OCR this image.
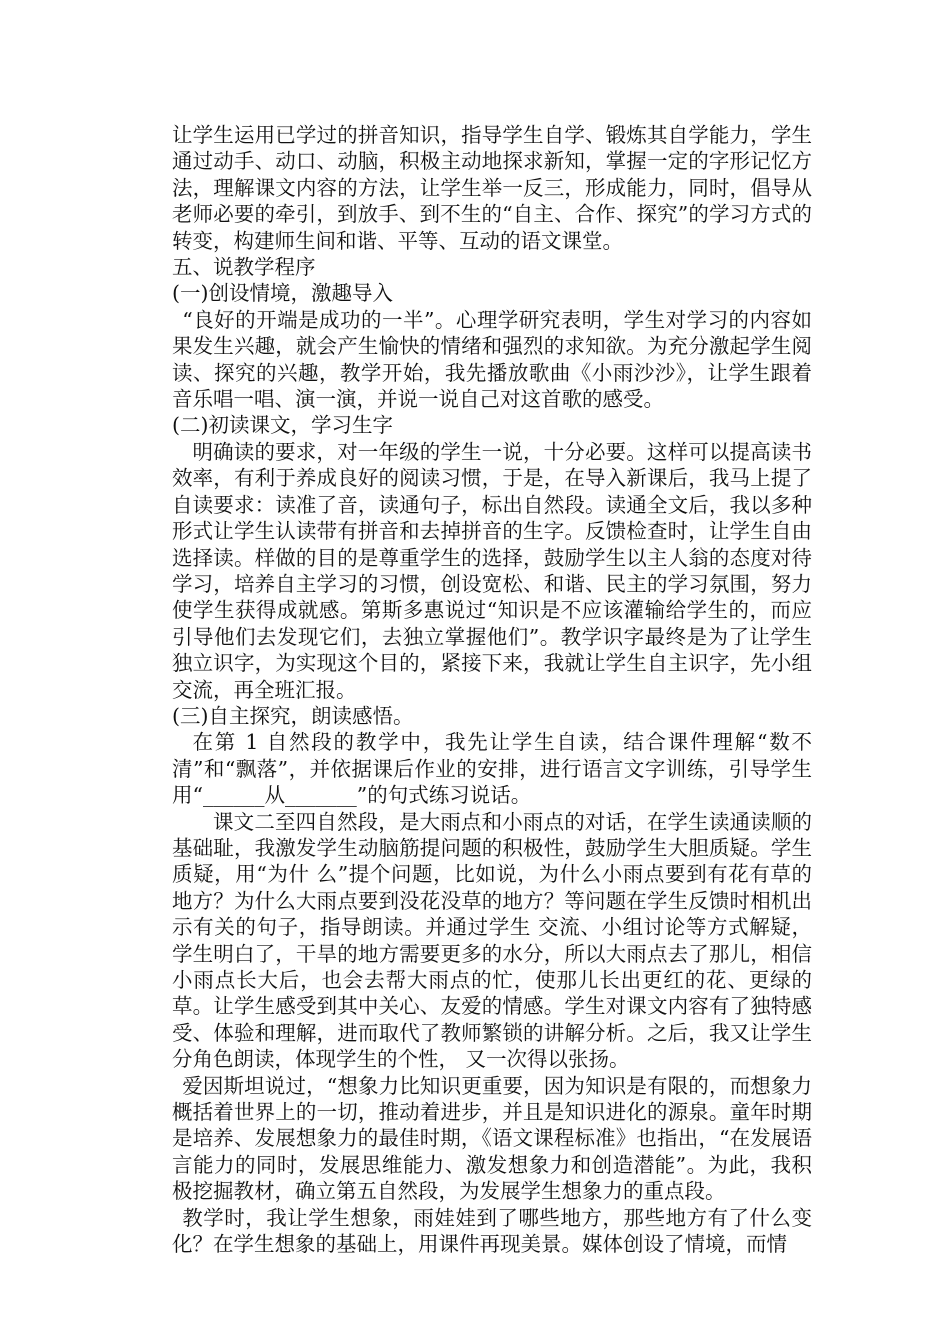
让学生运用已学过的拼音知识，指导学生自学、锻炼其自学能力，学生通过动手、动口、动脑，积极主动地探求新知，掌握一定的字形记忆方 法，理解课文内容的方法，让学生举一反三，形成能力，同时，倡导从老师必要的牵引，到放手、到不生的“自主、合作、探究”的学习方式的转变，构建师生间和谐、平等、互动的语文课堂。

五、说教学程序

(一)创设情境，激趣导入

“良好的开端是成功的一半”。心理学研究表明，学生对学习的内容如果发生兴趣，就会产生愉快的情绪和强烈的求知欲。为充分激起学生阅读、探究的兴趣，教学开始，我先播放歌曲《小雨沙沙》，让学生跟着音乐唱一唱、演一演，并说一说自己对这首歌的感受。

(二)初读课文，学习生字

明确读的要求，对一年级的学生一说，十分必要。这样可以提高读书效率，有利于养成良好的阅读习惯，于是，在导入新课后，我马上提了自读要求：读准了音，读通句子，标出自然段。读通全文后，我以多种形式让学生认读带有拼音和去掉拼音的生字。反馈检查时，让学生自由选择读。样做的目的是尊重学生的选择，鼓励学生以主人翁的态度对待学习，培养自主学习的习惯，创设宽松、和谐、民主的学习氛围，努力使学生获得成就感。第斯多惠说过“知识是不应该灌输给学生的，而应引导他们去发现它们，去独立掌握他们”。教学识字最终是为了让学生独立识字，为实现这个目的，紧接下来，我就让学生自主识字，先小组交流，再全班汇报。

(三)自主探究，朗读感悟。

在第 1 自然段的教学中，我先让学生自读，结合课件理解“数不清”和“飘落”，并依据课后作业的安排，进行语言文字训练，引导学生用“______从_______”的句式练习说话。

课文二至四自然段，是大雨点和小雨点的对话，在学生读通读顺的基础耻，我激发学生动脑筋提问题的积极性，鼓励学生大胆质疑。学生质疑，用“为什 么”提个问题，比如说，为什么小雨点要到有花有草的地方？为什么大雨点要到没花没草的地方？等问题在学生反馈时相机出示有关的句子，指导朗读。并通过学生 交流、小组讨论等方式解疑，学生明白了，干旱的地方需要更多的水分，所以大雨点去了那儿，相信小雨点长大后，也会去帮大雨点的忙，使那儿长出更红的花、更绿的草。让学生感受到其中关心、友爱的情感。学生对课文内容有了独特感受、体验和理解，进而取代了教师繁锁的讲解分析。之后，我又让学生分角色朗读，体现学生的个性， 又一次得以张扬。

爱因斯坦说过，“想象力比知识更重要，因为知识是有限的，而想象力概括着世界上的一切，推动着进步，并且是知识进化的源泉。童年时期是培养、发展想象力的最佳时期，《语文课程标准》也指出，“在发展语言能力的同时，发展思维能力、激发想象力和创造潜能”。为此，我积极挖掘教材，确立第五自然段，为发展学生想象力的重点段。

教学时，我让学生想象，雨娃娃到了哪些地方，那些地方有了什么变化？在学生想象的基础上，用课件再现美景。媒体创设了情境，而情
